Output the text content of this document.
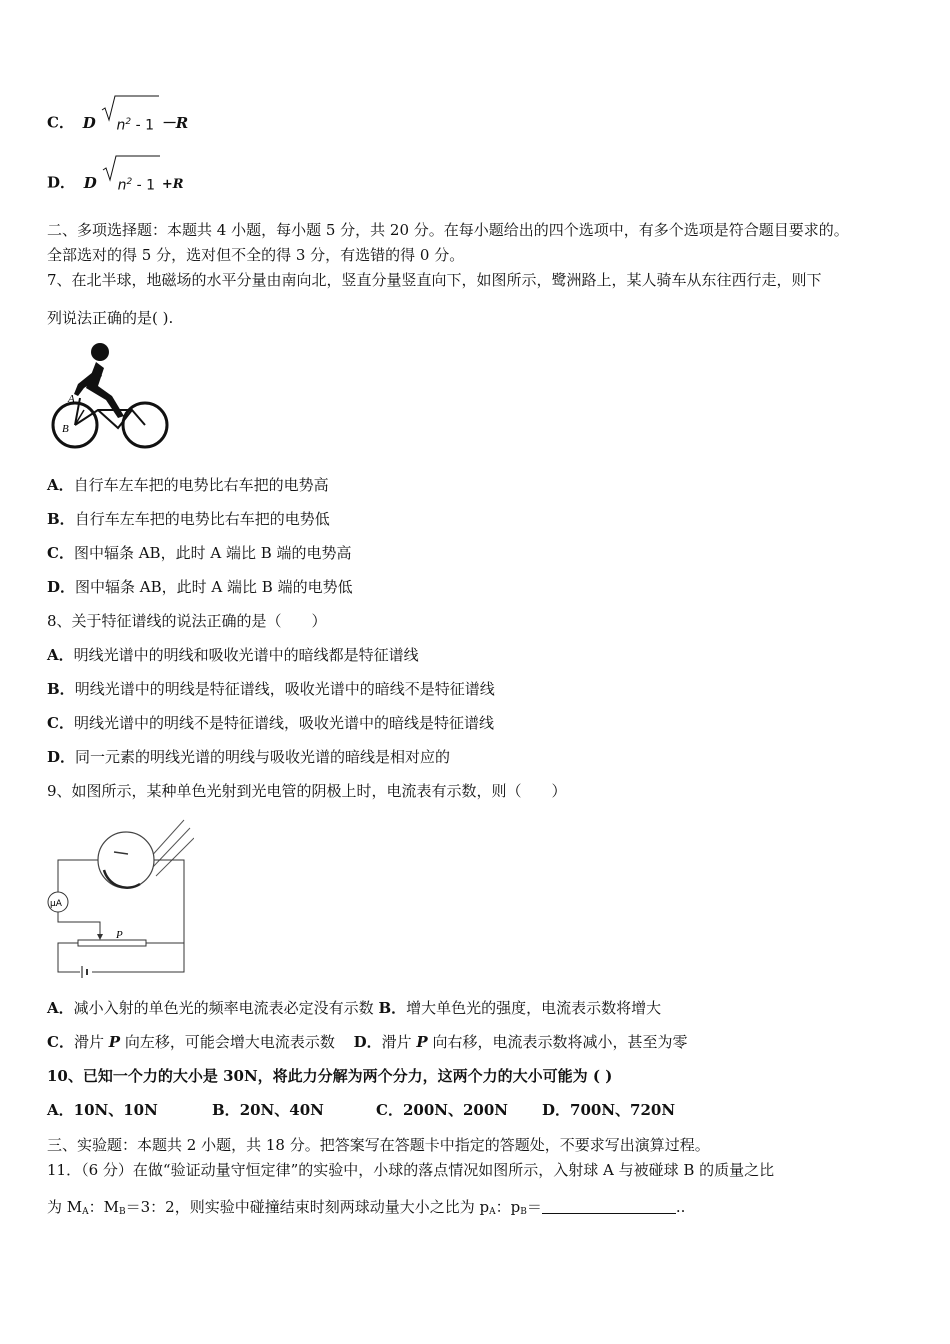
C． D $n^2 - 1 -R$
D． D $n^2 - 1 +R$
二、多项选择题：本题共 4 小题，每小题 5 分，共 20 分。在每小题给出的四个选项中，有多个选项是符合题目要求的。
全部选对的得 5 分，选对但不全的得 3 分，有选错的得 0 分。
7、在北半球，地磁场的水平分量由南向北，竖直分量竖直向下，如图所示，鹭洲路上，某人骑车从东往西行走，则下
列说法正确的是( ).
A
B
A．自行车左车把的电势比右车把的电势高
B．自行车左车把的电势比右车把的电势低
C．图中辐条 AB，此时 A 端比 B 端的电势高
D．图中辐条 AB，此时 A 端比 B 端的电势低
8、关于特征谱线的说法正确的是（　　）
A．明线光谱中的明线和吸收光谱中的暗线都是特征谱线
B．明线光谱中的明线是特征谱线，吸收光谱中的暗线不是特征谱线
C．明线光谱中的明线不是特征谱线，吸收光谱中的暗线是特征谱线
D．同一元素的明线光谱的明线与吸收光谱的暗线是相对应的
9、如图所示，某种单色光射到光电管的阴极上时，电流表有示数，则（　　）
μA
P
A．减小入射的单色光的频率电流表必定没有示数 B．增大单色光的强度，电流表示数将增大
C．滑片 P 向左移，可能会增大电流表示数 D．滑片 P 向右移，电流表示数将减小，甚至为零
10、已知一个力的大小是 30N，将此力分解为两个分力，这两个力的大小可能为 ( )
A．10N、10N	B．20N、40N	C．200N、200N D．700N、720N
三、实验题：本题共 2 小题，共 18 分。把答案写在答题卡中指定的答题处，不要求写出演算过程。
11．（6 分）在做“验证动量守恒定律”的实验中，小球的落点情况如图所示，入射球 A 与被碰球 B 的质量之比
为 $M_A$：$M_B=3$：2，则实验中碰撞结束时刻两球动量大小之比为 $p_A$：$p_B=$	..
